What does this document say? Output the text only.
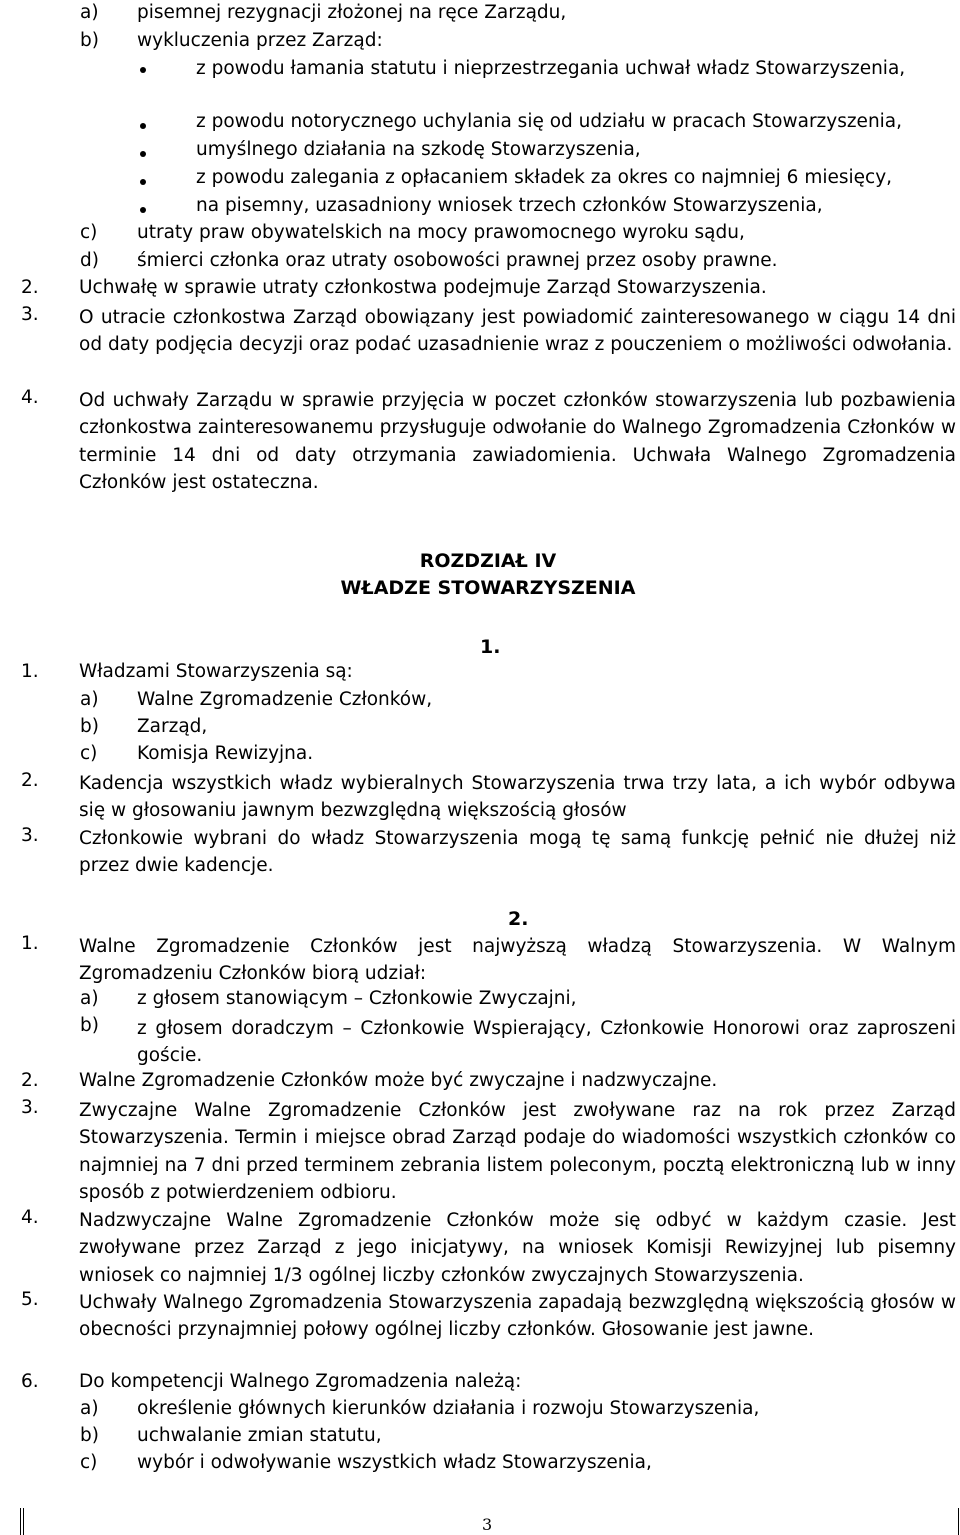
a) pisemnej rezygnacji złożonej na ręce Zarządu,
b) wykluczenia przez Zarząd:
z powodu łamania statutu i nieprzestrzegania uchwał władz Stowarzyszenia,
z powodu notorycznego uchylania się od udziału w pracach Stowarzyszenia,
umyślnego działania na szkodę Stowarzyszenia,
z powodu zalegania z opłacaniem składek za okres co najmniej 6 miesięcy,
na pisemny, uzasadniony wniosek trzech członków Stowarzyszenia,
c) utraty praw obywatelskich na mocy prawomocnego wyroku sądu,
d) śmierci członka oraz utraty osobowości prawnej przez osoby prawne.
2. Uchwałę w sprawie utraty członkostwa podejmuje Zarząd Stowarzyszenia.
3. O utracie członkostwa Zarząd obowiązany jest powiadomić zainteresowanego w ciągu 14 dni od daty podjęcia decyzji oraz podać uzasadnienie wraz z pouczeniem o możliwości odwołania.
4. Od uchwały Zarządu w sprawie przyjęcia w poczet członków stowarzyszenia lub pozbawienia członkostwa zainteresowanemu przysługuje odwołanie do Walnego Zgromadzenia Członków w terminie 14 dni od daty otrzymania zawiadomienia. Uchwała Walnego Zgromadzenia Członków jest ostateczna.
ROZDZIAŁ IV
WŁADZE STOWARZYSZENIA
1.
1. Władzami Stowarzyszenia są:
a) Walne Zgromadzenie Członków,
b) Zarząd,
c) Komisja Rewizyjna.
2. Kadencja wszystkich władz wybieralnych Stowarzyszenia trwa trzy lata, a ich wybór odbywa się w głosowaniu jawnym bezwzględną większością głosów
3. Członkowie wybrani do władz Stowarzyszenia mogą tę samą funkcję pełnić nie dłużej niż przez dwie kadencje.
2.
1. Walne Zgromadzenie Członków jest najwyższą władzą Stowarzyszenia. W Walnym Zgromadzeniu Członków biorą udział:
a) z głosem stanowiącym – Członkowie Zwyczajni,
b) z głosem doradczym – Członkowie Wspierający, Członkowie Honorowi oraz zaproszeni goście.
2. Walne Zgromadzenie Członków może być zwyczajne i nadzwyczajne.
3. Zwyczajne Walne Zgromadzenie Członków jest zwoływane raz na rok przez Zarząd Stowarzyszenia. Termin i miejsce obrad Zarząd podaje do wiadomości wszystkich członków co najmniej na 7 dni przed terminem zebrania listem poleconym, pocztą elektroniczną lub w inny sposób z potwierdzeniem odbioru.
4. Nadzwyczajne Walne Zgromadzenie Członków może się odbyć w każdym czasie. Jest zwoływane przez Zarząd z jego inicjatywy, na wniosek Komisji Rewizyjnej lub pisemny wniosek co najmniej 1/3 ogólnej liczby członków zwyczajnych Stowarzyszenia.
5. Uchwały Walnego Zgromadzenia Stowarzyszenia zapadają bezwzględną większością głosów w obecności przynajmniej połowy ogólnej liczby członków. Głosowanie jest jawne.
6. Do kompetencji Walnego Zgromadzenia należą:
a) określenie głównych kierunków działania i rozwoju Stowarzyszenia,
b) uchwalanie zmian statutu,
c) wybór i odwoływanie wszystkich władz Stowarzyszenia,
3
